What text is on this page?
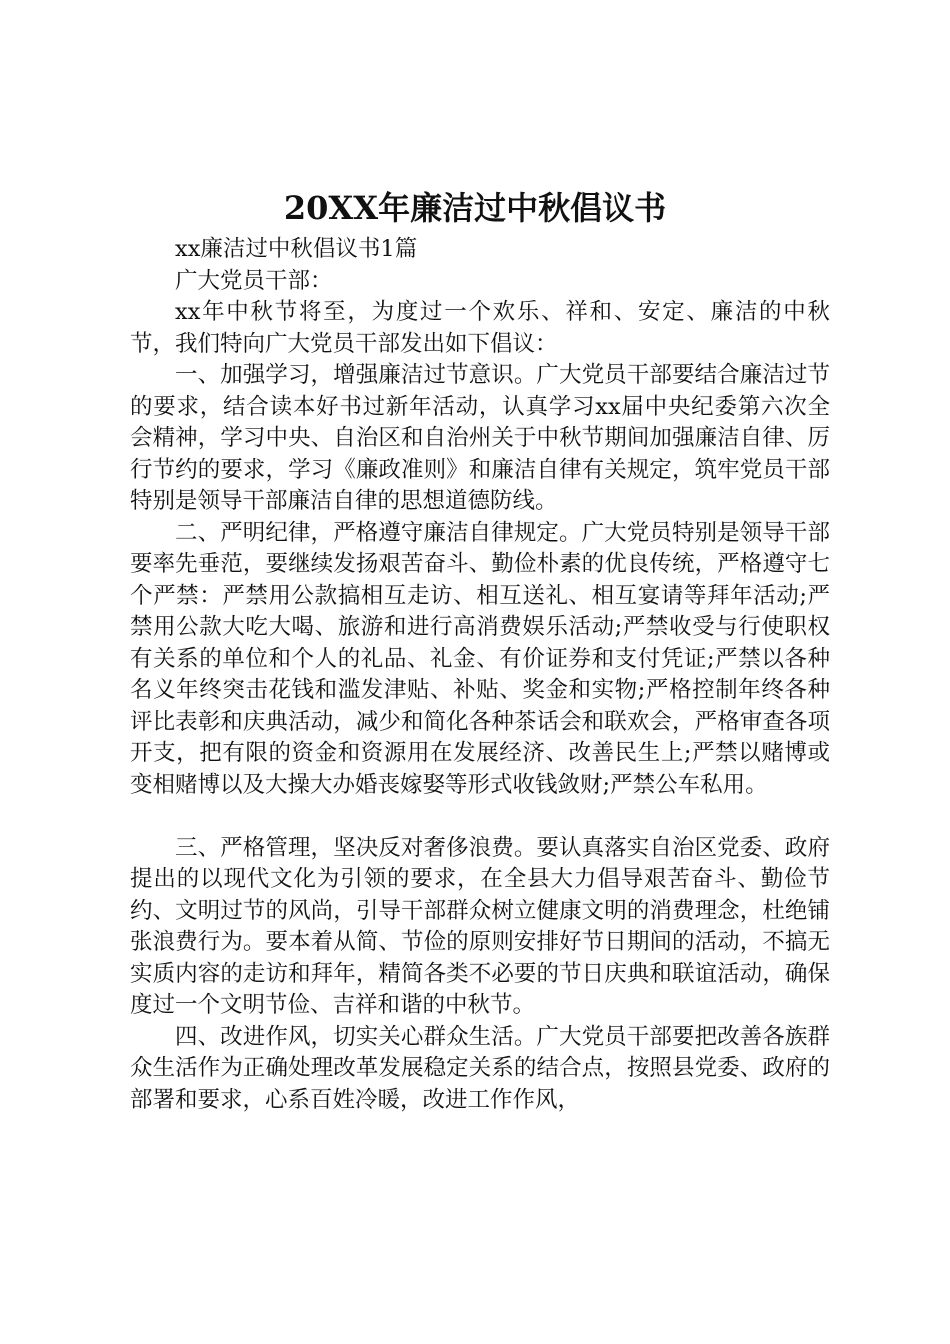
20XX年廉洁过中秋倡议书

xx廉洁过中秋倡议书1篇

广大党员干部：

xx年中秋节将至，为度过一个欢乐、祥和、安定、廉洁的中秋节，我们特向广大党员干部发出如下倡议：

一、加强学习，增强廉洁过节意识。广大党员干部要结合廉洁过节的要求，结合读本好书过新年活动，认真学习xx届中央纪委第六次全会精神，学习中央、自治区和自治州关于中秋节期间加强廉洁自律、厉行节约的要求，学习《廉政准则》和廉洁自律有关规定，筑牢党员干部特别是领导干部廉洁自律的思想道德防线。

二、严明纪律，严格遵守廉洁自律规定。广大党员特别是领导干部要率先垂范，要继续发扬艰苦奋斗、勤俭朴素的优良传统，严格遵守七个严禁：严禁用公款搞相互走访、相互送礼、相互宴请等拜年活动;严禁用公款大吃大喝、旅游和进行高消费娱乐活动;严禁收受与行使职权有关系的单位和个人的礼品、礼金、有价证券和支付凭证;严禁以各种名义年终突击花钱和滥发津贴、补贴、奖金和实物;严格控制年终各种评比表彰和庆典活动，减少和简化各种茶话会和联欢会，严格审查各项开支，把有限的资金和资源用在发展经济、改善民生上;严禁以赌博或变相赌博以及大操大办婚丧嫁娶等形式收钱敛财;严禁公车私用。

三、严格管理，坚决反对奢侈浪费。要认真落实自治区党委、政府提出的以现代文化为引领的要求，在全县大力倡导艰苦奋斗、勤俭节约、文明过节的风尚，引导干部群众树立健康文明的消费理念，杜绝铺张浪费行为。要本着从简、节俭的原则安排好节日期间的活动，不搞无实质内容的走访和拜年，精简各类不必要的节日庆典和联谊活动，确保度过一个文明节俭、吉祥和谐的中秋节。

四、改进作风，切实关心群众生活。广大党员干部要把改善各族群众生活作为正确处理改革发展稳定关系的结合点，按照县党委、政府的部署和要求，心系百姓冷暖，改进工作作风，
